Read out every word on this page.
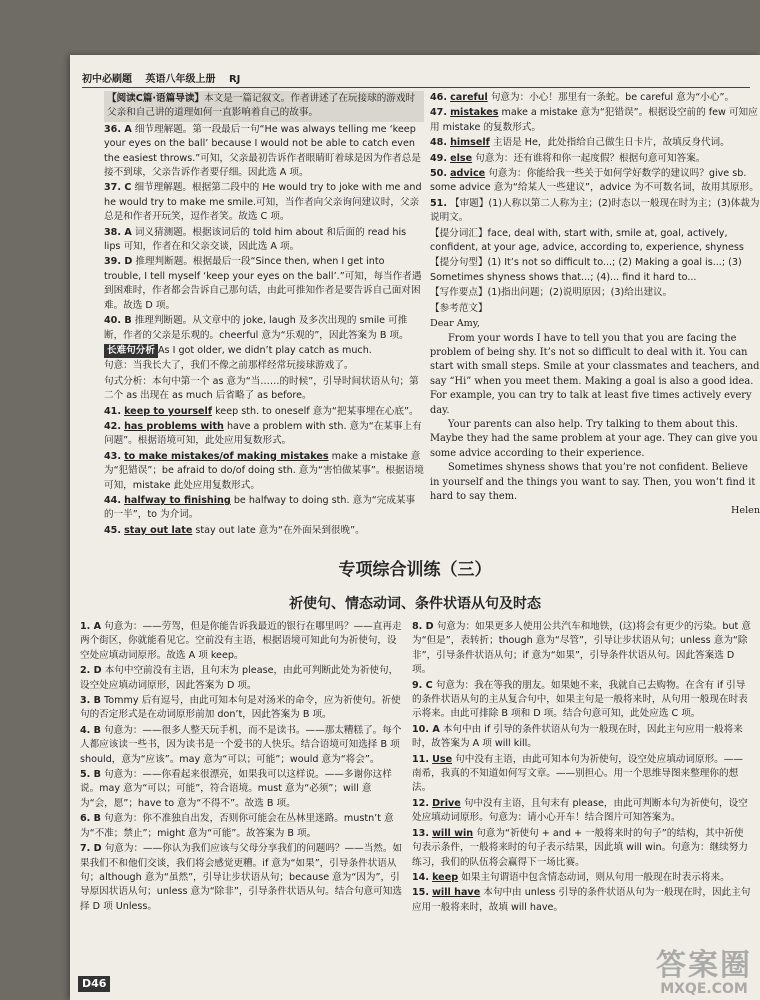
初中必刷题 英语八年级上册 RJ
【阅读C篇·语篇导读】本文是一篇记叙文。作者讲述了在玩接球的游戏时父亲和自己讲的道理如何一直影响着自己的故事。
36. A 细节理解题。第一段最后一句“He was always telling me ‘keep your eyes on the ball’ because I would not be able to catch even the easiest throws.”可知，父亲最初告诉作者眼睛盯着球是因为作者总是接不到球，父亲告诉作者要仔细。因此选 A 项。
37. C 细节理解题。根据第二段中的 He would try to joke with me and he would try to make me smile.可知，当作者向父亲询问建议时，父亲总是和作者开玩笑，逗作者笑。故选 C 项。
38. A 词义猜测题。根据该词后的 told him about 和后面的 read his lips 可知，作者在和父亲交谈，因此选 A 项。
39. D 推理判断题。根据最后一段“Since then, when I get into trouble, I tell myself ‘keep your eyes on the ball’.”可知，每当作者遇到困难时，作者都会告诉自己那句话，由此可推知作者是要告诉自己面对困难。故选 D 项。
40. B 推理判断题。从文章中的 joke, laugh 及多次出现的 smile 可推断，作者的父亲是乐观的。cheerful 意为“乐观的”，因此答案为 B 项。
长难句分析 As I got older, we didn’t play catch as much.
句意：当我长大了，我们不像之前那样经常玩接球游戏了。
句式分析：本句中第一个 as 意为“当……的时候”，引导时间状语从句；第二个 as 出现在 as much 后省略了 as before。
41. keep to yourself keep sth. to oneself 意为“把某事埋在心底”。
42. has problems with have a problem with sth. 意为“在某事上有问题”。根据语境可知，此处应用复数形式。
43. to make mistakes/of making mistakes make a mistake 意为“犯错误”；be afraid to do/of doing sth. 意为“害怕做某事”。根据语境可知，mistake 此处应用复数形式。
44. halfway to finishing be halfway to doing sth. 意为“完成某事的一半”，to 为介词。
45. stay out late stay out late 意为“在外面呆到很晚”。
46. careful 句意为：小心！那里有一条蛇。be careful 意为“小心”。
47. mistakes make a mistake 意为“犯错误”。根据设空前的 few 可知应用 mistake 的复数形式。
48. himself 主语是 He，此处指给自己做生日卡片，故填反身代词。
49. else 句意为：还有谁将和你一起度假？根据句意可知答案。
50. advice 句意为：你能给我一些关于如何学好数学的建议吗？give sb. some advice 意为“给某人一些建议”，advice 为不可数名词，故用其原形。
51. 【审题】(1)人称以第二人称为主；(2)时态以一般现在时为主；(3)体裁为说明文。
【提分词汇】face, deal with, start with, smile at, goal, actively, confident, at your age, advice, according to, experience, shyness
【提分句型】(1) It’s not so difficult to...; (2) Making a goal is...; (3) Sometimes shyness shows that...; (4)... find it hard to...
【写作要点】(1)指出问题；(2)说明原因；(3)给出建议。
【参考范文】
Dear Amy,
From your words I have to tell you that you are facing the problem of being shy. It’s not so difficult to deal with it. You can start with small steps. Smile at your classmates and teachers, and say “Hi” when you meet them. Making a goal is also a good idea. For example, you can try to talk at least five times actively every day.
Your parents can also help. Try talking to them about this. Maybe they had the same problem at your age. They can give you some advice according to their experience.
Sometimes shyness shows that you’re not confident. Believe in yourself and the things you want to say. Then, you won’t find it hard to say them.
Helen
专项综合训练（三）
祈使句、情态动词、条件状语从句及时态
1. A 句意为：——劳驾，但是你能告诉我最近的银行在哪里吗？——直再走两个街区，你就能看见它。空前没有主语，根据语境可知此句为祈使句，设空处应填动词原形。故选 A 项 keep。
2. D 本句中空前没有主语，且句末为 please，由此可判断此处为祈使句，设空处应填动词原形，因此答案为 D 项。
3. B Tommy 后有逗号，由此可知本句是对汤米的命令，应为祈使句。祈使句的否定形式是在动词原形前加 don’t，因此答案为 B 项。
4. B 句意为：——很多人整天玩手机，而不是读书。——那太糟糕了。每个人都应该读一些书，因为读书是一个爱书的人快乐。结合语境可知选择 B 项 should，意为“应该”。may 意为“可以；可能”；would 意为“将会”。
5. B 句意为：——你看起来很漂亮，如果我可以这样说。——多谢你这样说。may 意为“可以；可能”，符合语境。must 意为“必须”；will 意为“会，愿”；have to 意为“不得不”。故选 B 项。
6. B 句意为：你不准独自出发，否则你可能会在丛林里迷路。mustn’t 意为“不准；禁止”；might 意为“可能”。故答案为 B 项。
7. D 句意为：——你认为我们应该与父母分享我们的问题吗？——当然。如果我们不和他们交谈，我们将会感觉更糟。if 意为“如果”，引导条件状语从句；although 意为“虽然”，引导让步状语从句；because 意为“因为”，引导原因状语从句；unless 意为“除非”，引导条件状语从句。结合句意可知选择 D 项 Unless。
8. D 句意为：如果更多人使用公共汽车和地铁，(这)将会有更少的污染。but 意为“但是”，表转折；though 意为“尽管”，引导让步状语从句；unless 意为“除非”，引导条件状语从句；if 意为“如果”，引导条件状语从句。因此答案选 D 项。
9. C 句意为：我在等我的朋友。如果她不来，我就自己去购物。在含有 if 引导的条件状语从句的主从复合句中，如果主句是一般将来时，从句用一般现在时表示将来。由此可排除 B 项和 D 项。结合句意可知，此处应选 C 项。
10. A 本句中由 if 引导的条件状语从句为一般现在时，因此主句应用一般将来时，故答案为 A 项 will kill。
11. Use 句中没有主语，由此可知本句为祈使句，设空处应填动词原形。——南希，我真的不知道如何写文章。——别担心。用一个思维导图来整理你的想法。
12. Drive 句中没有主语，且句末有 please，由此可判断本句为祈使句，设空处应填动词原形。句意为：请小心开车！结合图片可知答案为。
13. will win 句意为“祈使句 + and + 一般将来时的句子”的结构，其中祈使句表示条件，一般将来时的句子表示结果，因此填 will win。句意为：继续努力练习，我们的队伍将会赢得下一场比赛。
14. keep 如果主句谓语中包含情态动词，则从句用一般现在时表示将来。
15. will have 本句中由 unless 引导的条件状语从句为一般现在时，因此主句应用一般将来时，故填 will have。
D46
答案圈
MXQE.COM
